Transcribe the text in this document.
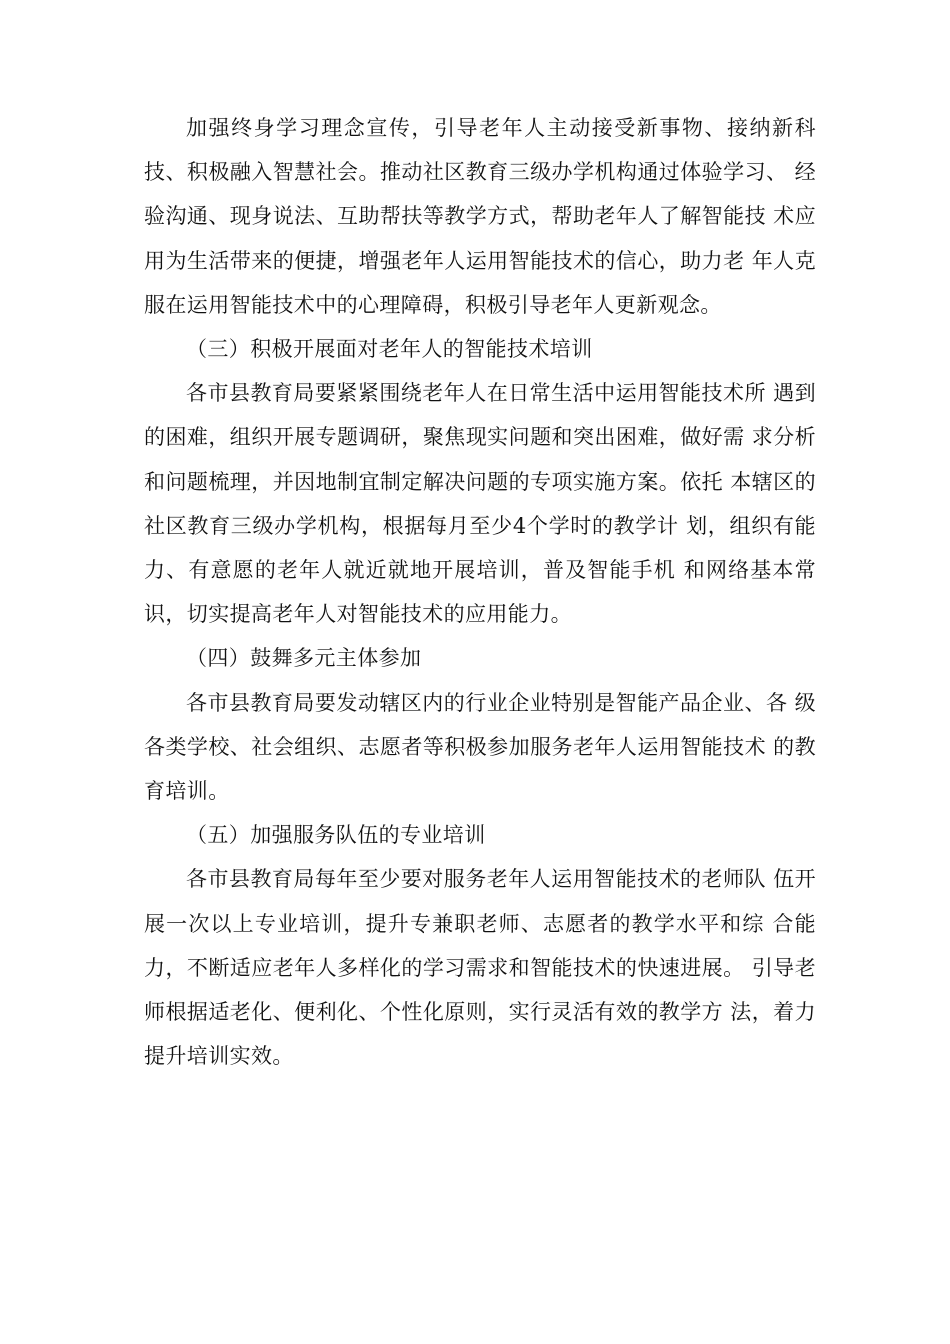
加强终身学习理念宣传，引导老年人主动接受新事物、接纳新科技、积极融入智慧社会。推动社区教育三级办学机构通过体验学习、 经验沟通、现身说法、互助帮扶等教学方式，帮助老年人了解智能技 术应用为生活带来的便捷，增强老年人运用智能技术的信心，助力老 年人克服在运用智能技术中的心理障碍，积极引导老年人更新观念。

（三）积极开展面对老年人的智能技术培训

各市县教育局要紧紧围绕老年人在日常生活中运用智能技术所 遇到的困难，组织开展专题调研，聚焦现实问题和突出困难，做好需 求分析和问题梳理，并因地制宜制定解决问题的专项实施方案。依托 本辖区的社区教育三级办学机构，根据每月至少4个学时的教学计 划，组织有能力、有意愿的老年人就近就地开展培训，普及智能手机 和网络基本常识，切实提高老年人对智能技术的应用能力。

（四）鼓舞多元主体参加

各市县教育局要发动辖区内的行业企业特别是智能产品企业、各 级各类学校、社会组织、志愿者等积极参加服务老年人运用智能技术 的教育培训。

（五）加强服务队伍的专业培训

各市县教育局每年至少要对服务老年人运用智能技术的老师队 伍开展一次以上专业培训，提升专兼职老师、志愿者的教学水平和综 合能力，不断适应老年人多样化的学习需求和智能技术的快速进展。 引导老师根据适老化、便利化、个性化原则，实行灵活有效的教学方 法，着力提升培训实效。
